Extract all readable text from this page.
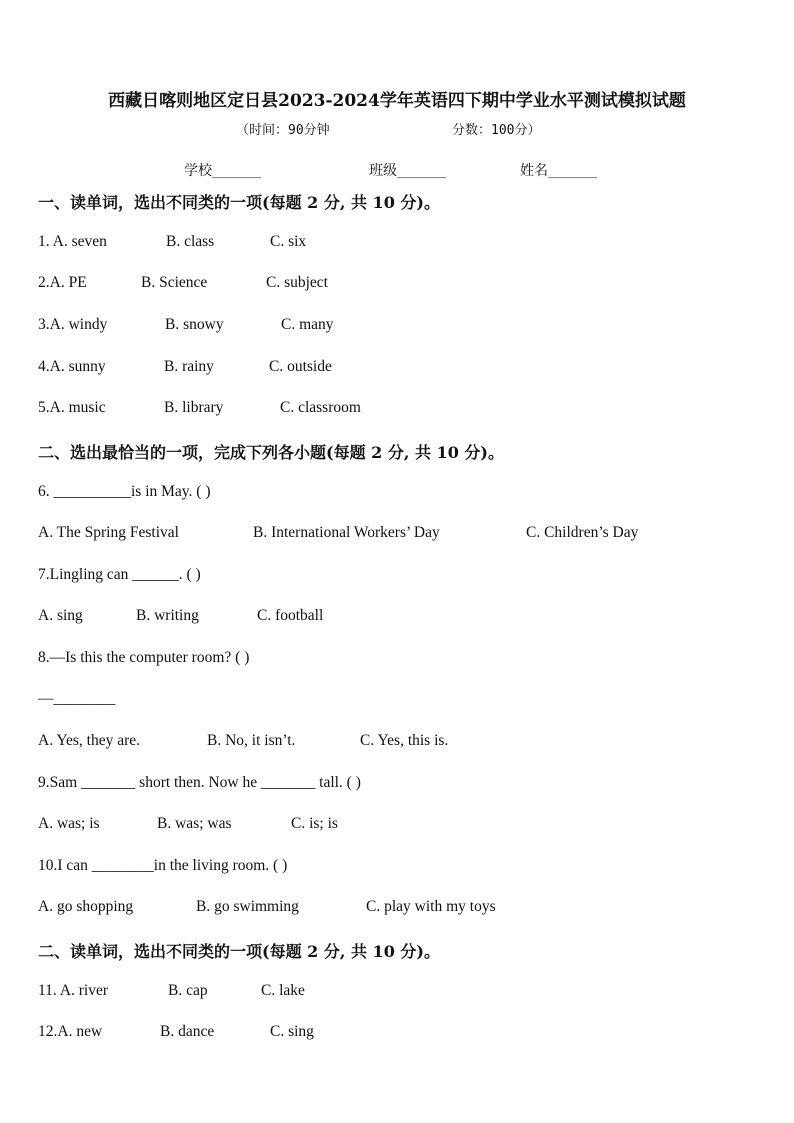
西藏日喀则地区定日县2023-2024学年英语四下期中学业水平测试模拟试题
（时间：90分钟	分数：100分）
学校_______	班级_______	姓名_______
一、读单词，选出不同类的一项(每题 2 分, 共 10 分)。
1. A. seven	B. class	C. six
2.A. PE	B. Science	C. subject
3.A. windy	B. snowy	C. many
4.A. sunny	B. rainy	C. outside
5.A. music	B. library	C. classroom
二、选出最恰当的一项，完成下列各小题(每题 2 分, 共 10 分)。
6. __________is in May. ( )
A. The Spring Festival	B. International Workers’ Day	C. Children’s Day
7.Lingling can ______. ( )
A. sing	B. writing	C. football
8.—Is this the computer room? ( )
—________
A. Yes, they are.	B. No, it isn’t.	C. Yes, this is.
9.Sam _______ short then. Now he _______ tall. ( )
A. was; is	B. was; was	C. is; is
10.I can ________in the living room. ( )
A. go shopping	B. go swimming	C. play with my toys
二、读单词，选出不同类的一项(每题 2 分, 共 10 分)。
11. A. river	B. cap	C. lake
12.A. new	B. dance	C. sing
